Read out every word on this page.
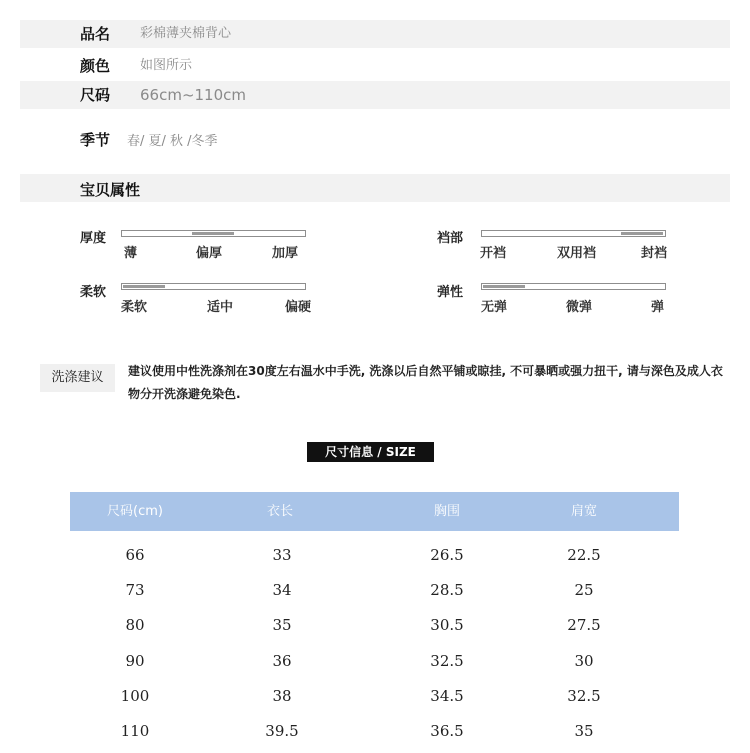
品名 彩棉薄夹棉背心
颜色 如图所示
尺码 66cm~110cm
季节 春/ 夏/ 秋 /冬季
宝贝属性
厚度
薄	偏厚	加厚
裆部
开裆	双用裆	封裆
柔软
柔软	适中	偏硬
弹性
无弹	微弹	弹
洗涤建议	建议使用中性洗涤剂在30度左右温水中手洗, 洗涤以后自然平铺或晾挂, 不可暴晒或强力扭干, 请与深色及成人衣物分开洗涤避免染色.
尺寸信息 / SIZE
尺码(cm)	衣长	胸围	肩宽
66	33	26.5	22.5
73	34	28.5	25
80	35	30.5	27.5
90	36	32.5	30
100	38	34.5	32.5
110	39.5	36.5	35
